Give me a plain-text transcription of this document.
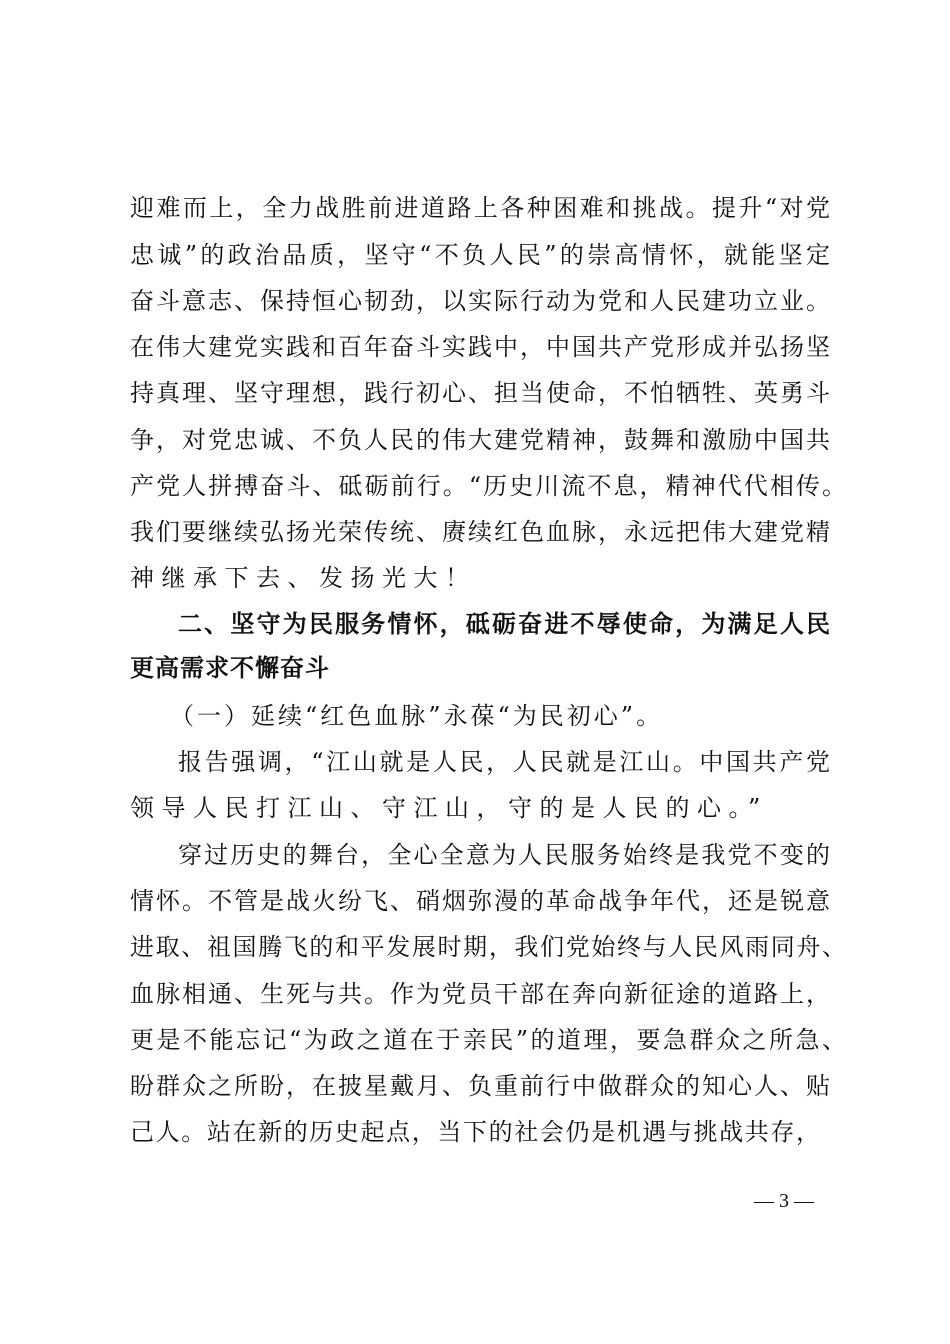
迎难而上，全力战胜前进道路上各种困难和挑战。提升“对党
忠诚”的政治品质，坚守“不负人民”的崇高情怀，就能坚定
奋斗意志、保持恒心韧劲，以实际行动为党和人民建功立业。
在伟大建党实践和百年奋斗实践中，中国共产党形成并弘扬坚
持真理、坚守理想，践行初心、担当使命，不怕牺牲、英勇斗
争，对党忠诚、不负人民的伟大建党精神，鼓舞和激励中国共
产党人拼搏奋斗、砥砺前行。“历史川流不息，精神代代相传。
我们要继续弘扬光荣传统、赓续红色血脉，永远把伟大建党精
神继承下去、发扬光大！
二、坚守为民服务情怀，砥砺奋进不辱使命，为满足人民
更高需求不懈奋斗
（一）延续“红色血脉”永葆“为民初心”。
报告强调，“江山就是人民，人民就是江山。中国共产党
领导人民打江山、守江山，守的是人民的心。”
穿过历史的舞台，全心全意为人民服务始终是我党不变的
情怀。不管是战火纷飞、硝烟弥漫的革命战争年代，还是锐意
进取、祖国腾飞的和平发展时期，我们党始终与人民风雨同舟、
血脉相通、生死与共。作为党员干部在奔向新征途的道路上，
更是不能忘记“为政之道在于亲民”的道理，要急群众之所急、
盼群众之所盼，在披星戴月、负重前行中做群众的知心人、贴
己人。站在新的历史起点，当下的社会仍是机遇与挑战共存，
— 3 —
